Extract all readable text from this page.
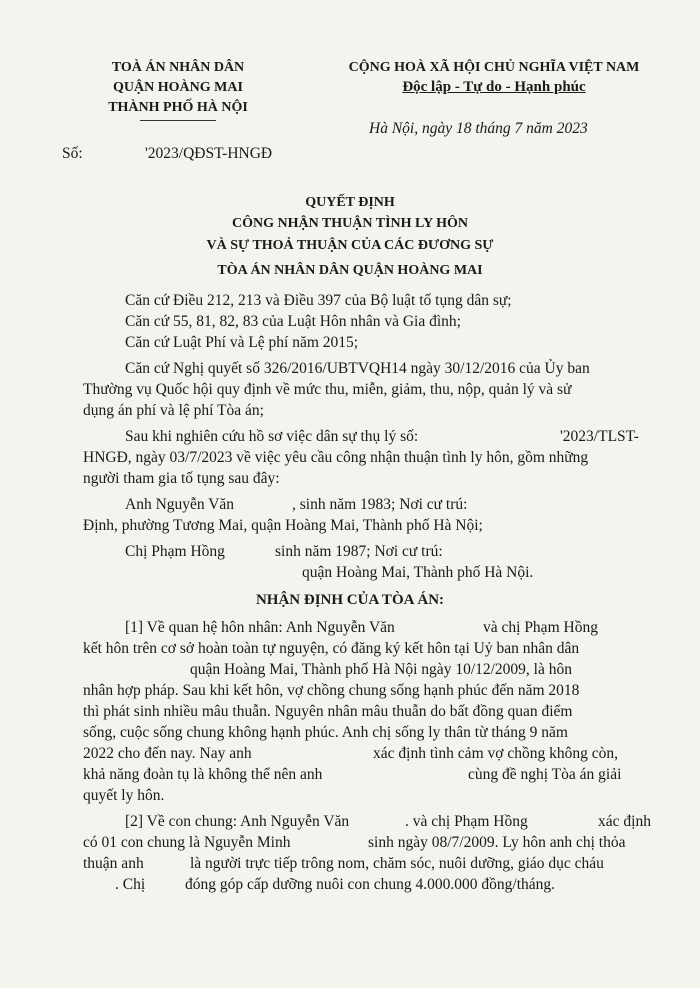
TOÀ ÁN NHÂN DÂN
QUẬN HOÀNG MAI
THÀNH PHỐ HÀ NỘI
CỘNG HOÀ XÃ HỘI CHỦ NGHĨA VIỆT NAM
Độc lập - Tự do - Hạnh phúc
Hà Nội, ngày 18 tháng 7 năm 2023
Số:	'2023/QĐST-HNGĐ
QUYẾT ĐỊNH
CÔNG NHẬN THUẬN TÌNH LY HÔN
VÀ SỰ THOẢ THUẬN CỦA CÁC ĐƯƠNG SỰ
TÒA ÁN NHÂN DÂN QUẬN HOÀNG MAI
Căn cứ Điều 212, 213 và Điều 397 của Bộ luật tố tụng dân sự;
Căn cứ 55, 81, 82, 83 của Luật Hôn nhân và Gia đình;
Căn cứ Luật Phí và Lệ phí năm 2015;
Căn cứ Nghị quyết số 326/2016/UBTVQH14 ngày 30/12/2016 của Ủy ban
Thường vụ Quốc hội quy định về mức thu, miễn, giảm, thu, nộp, quản lý và sử
dụng án phí và lệ phí Tòa án;
Sau khi nghiên cứu hồ sơ việc dân sự thụ lý số:	'2023/TLST-
HNGĐ, ngày 03/7/2023 về việc yêu cầu công nhận thuận tình ly hôn, gồm những
người tham gia tố tụng sau đây:
Anh Nguyễn Văn	, sinh năm 1983; Nơi cư trú:
Định, phường Tương Mai, quận Hoàng Mai, Thành phố Hà Nội;
Chị Phạm Hồng	sinh năm 1987; Nơi cư trú:
quận Hoàng Mai, Thành phố Hà Nội.
NHẬN ĐỊNH CỦA TÒA ÁN:
[1] Về quan hệ hôn nhân: Anh Nguyễn Văn	và chị Phạm Hồng
kết hôn trên cơ sở hoàn toàn tự nguyện, có đăng ký kết hôn tại Uỷ ban nhân dân
quận Hoàng Mai, Thành phố Hà Nội ngày 10/12/2009, là hôn
nhân hợp pháp. Sau khi kết hôn, vợ chồng chung sống hạnh phúc đến năm 2018
thì phát sinh nhiều mâu thuẫn. Nguyên nhân mâu thuẫn do bất đồng quan điểm
sống, cuộc sống chung không hạnh phúc. Anh chị sống ly thân từ tháng 9 năm
2022 cho đến nay. Nay anh	xác định tình cảm vợ chồng không còn,
khả năng đoàn tụ là không thể nên anh	cùng đề nghị Tòa án giải
quyết ly hôn.
[2] Về con chung: Anh Nguyễn Văn	. và chị Phạm Hồng	xác định
có 01 con chung là Nguyễn Minh	sinh ngày 08/7/2009. Ly hôn anh chị thỏa
thuận anh	là người trực tiếp trông nom, chăm sóc, nuôi dưỡng, giáo dục cháu
. Chị	đóng góp cấp dưỡng nuôi con chung 4.000.000 đồng/tháng.
